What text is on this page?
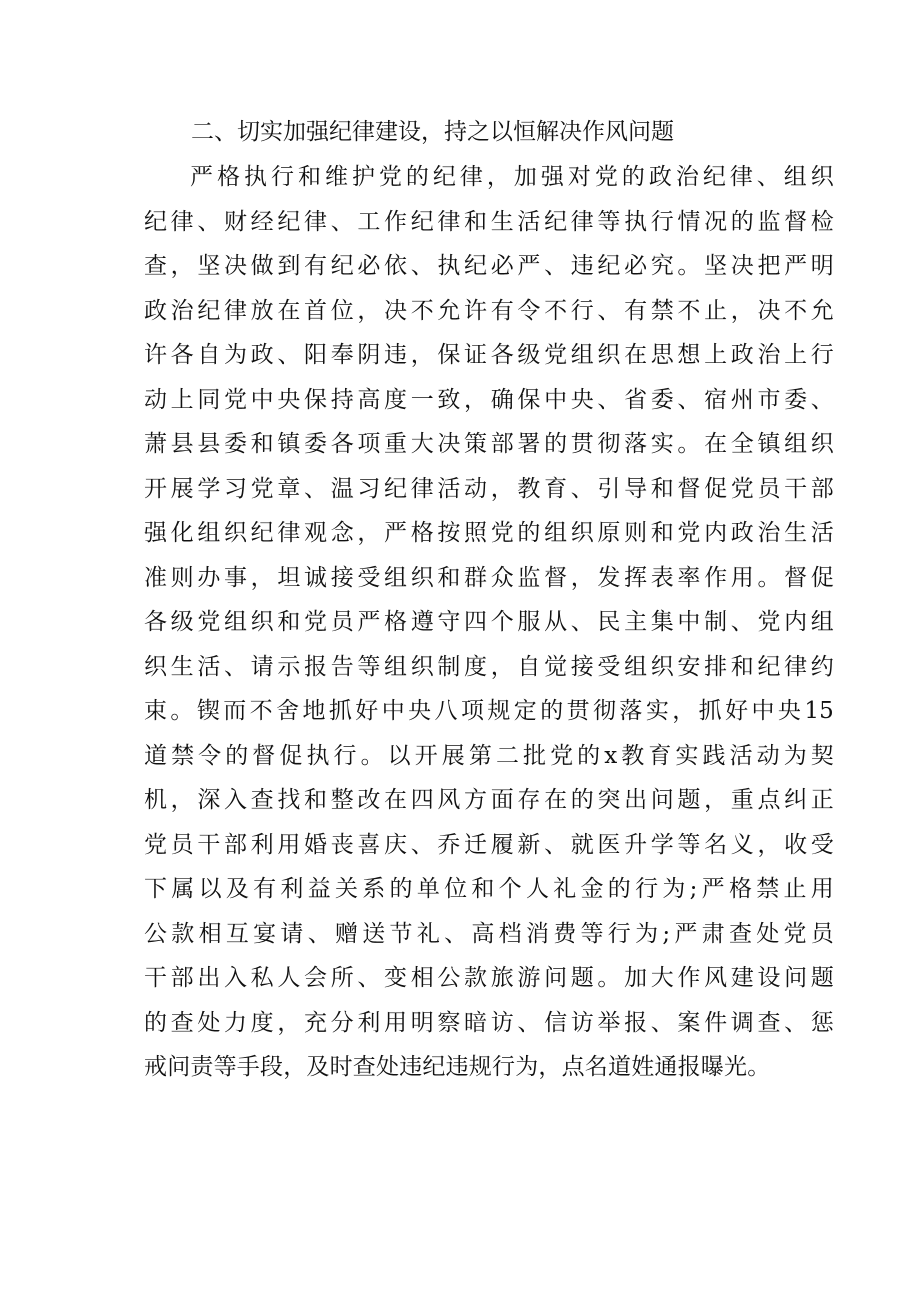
二、切实加强纪律建设，持之以恒解决作风问题
严格执行和维护党的纪律，加强对党的政治纪律、组织
纪律、财经纪律、工作纪律和生活纪律等执行情况的监督检
查，坚决做到有纪必依、执纪必严、违纪必究。坚决把严明
政治纪律放在首位，决不允许有令不行、有禁不止，决不允
许各自为政、阳奉阴违，保证各级党组织在思想上政治上行
动上同党中央保持高度一致，确保中央、省委、宿州市委、
萧县县委和镇委各项重大决策部署的贯彻落实。在全镇组织
开展学习党章、温习纪律活动，教育、引导和督促党员干部
强化组织纪律观念，严格按照党的组织原则和党内政治生活
准则办事，坦诚接受组织和群众监督，发挥表率作用。督促
各级党组织和党员严格遵守四个服从、民主集中制、党内组
织生活、请示报告等组织制度，自觉接受组织安排和纪律约
束。锲而不舍地抓好中央八项规定的贯彻落实，抓好中央15
道禁令的督促执行。以开展第二批党的x教育实践活动为契
机，深入查找和整改在四风方面存在的突出问题，重点纠正
党员干部利用婚丧喜庆、乔迁履新、就医升学等名义，收受
下属以及有利益关系的单位和个人礼金的行为;严格禁止用
公款相互宴请、赠送节礼、高档消费等行为;严肃查处党员
干部出入私人会所、变相公款旅游问题。加大作风建设问题
的查处力度，充分利用明察暗访、信访举报、案件调查、惩
戒问责等手段，及时查处违纪违规行为，点名道姓通报曝光。
